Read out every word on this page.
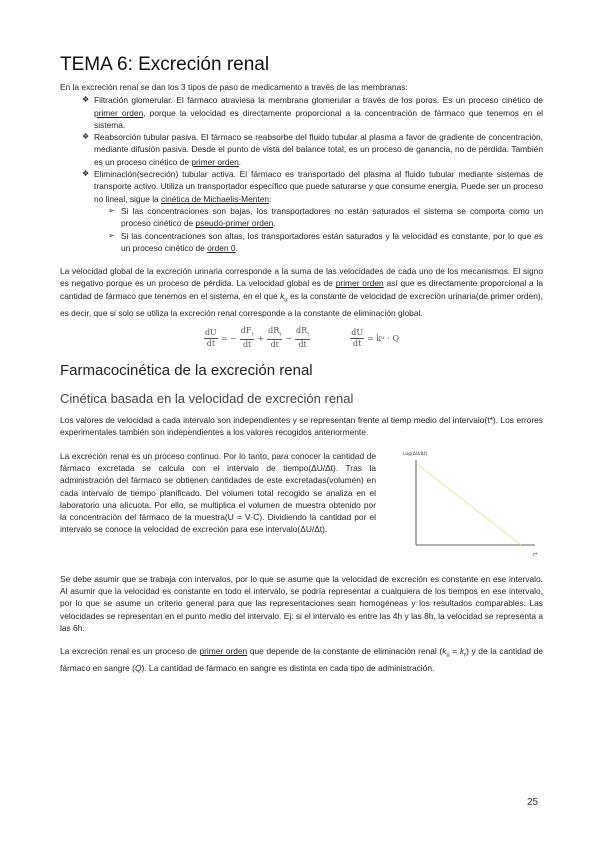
TEMA 6: Excreción renal

En la excreción renal se dan los 3 tipos de paso de medicamento a través de las membranas:

❖ Filtración glomerular. El fármaco atraviesa la membrana glomerular a través de los poros. Es un proceso cinético de primer orden, porque la velocidad es directamente proporcional a la concentración de fármaco que tenemos en el sistema.
❖ Reabsorción tubular pasiva. El fármaco se reabsorbe del fluido tubular al plasma a favor de gradiente de concentración, mediante difusión pasiva. Desde el punto de vista del balance total, es un proceso de ganancia, no de pérdida. También es un proceso cinético de primer orden.
❖ Eliminación(secreción) tubular activa. El fármaco es transportado del plasma al fluido tubular mediante sistemas de transporte activo. Utiliza un transportador específico que puede saturarse y que consume energía. Puede ser un proceso no lineal, sigue la cinética de Michaelis-Menten:
➢ Si las concentraciones son bajas, los transportadores no están saturados el sistema se comporta como un proceso cinético de pseudo-primer orden.
➢ Si las concentraciones son altas, los transportadores están saturados y la velocidad es constante, por lo que es un proceso cinético de orden 0.

La velocidad global de la excreción urinaria corresponde a la suma de las velocidades de cada uno de los mecanismos. El signo es negativo porque es un proceso de pérdida. La velocidad global es de primer orden así que es directamente proporcional a la cantidad de fármaco que tenemos en el sistema, en el que $k_u$ es la constante de velocidad de excreción urinaria(de primer orden), es decir, que si solo se utiliza la excreción renal corresponde a la constante de eliminación global.

$\frac{dU}{dt}$ = − $\frac{dF_t}{dt} + \frac{dR_t}{dt} - \frac{dR_t}{dt}$	$\frac{dU}{dt} = k$ u · Q
Farmacocinética de la excreción renal
Cinética basada en la velocidad de excreción renal

Los valores de velocidad a cada intervalo son independientes y se representan frente al tiemp medio del intervalo(t*). Los errores experimentales también son independientes a los valores recogidos anteriormente.

La excreción renal es un proceso continuo. Por lo tanto, para conocer la cantidad de fármaco excretada se calcula con el intervalo de tiempo(ΔU/Δt). Tras la administración del fármaco se obtienen cantidades de este excretadas(volumen) en cada intervalo de tiempo planificado. Del volumen total recogido se analiza en el laboratorio una alícuota. Por ello, se multiplica el volumen de muestra obtenido por la concentración del fármaco de la muestra(U = V·C). Dividiendo la cantidad por el intervalo se conoce la velocidad de excreción para ese intervalo(ΔU/Δt).

Log(ΔU/Δt)
t*

Se debe asumir que se trabaja con intervalos, por lo que se asume que la velocidad de excreción es constante en ese intervalo. Al asumir que la velocidad es constante en todo el intervalo, se podría representar a cualquiera de los tiempos en ese intervalo, por lo que se asume un criterio general para que las representaciones sean homogéneas y los resultados comparables: Las velocidades se representan en el punto medio del intervalo. Ej: si el intervalo es entre las 4h y las 8h, la velocidad se representa a las 6h.

La excreción renal es un proceso de primer orden que depende de la constante de eliminación renal $(k_u = k_r)$ y de la cantidad de fármaco en sangre (Q). La cantidad de fármaco en sangre es distinta en cada tipo de administración.

25
